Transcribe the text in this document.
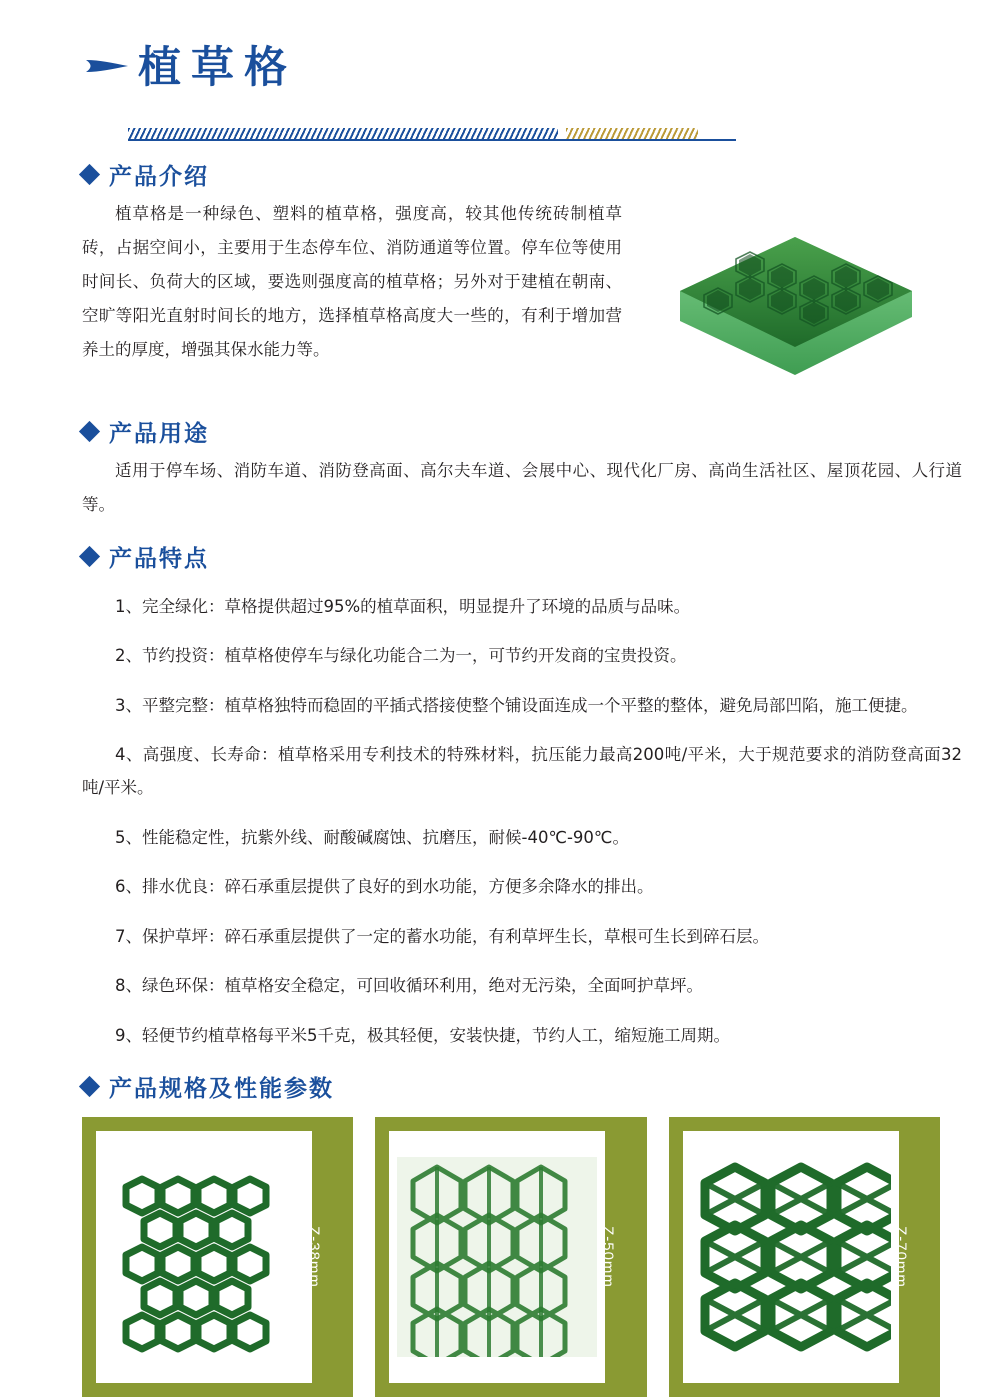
植草格
产品介绍

植草格是一种绿色、塑料的植草格，强度高，较其他传统砖制植草砖，占据空间小，主要用于生态停车位、消防通道等位置。停车位等使用时间长、负荷大的区域，要选则强度高的植草格；另外对于建植在朝南、空旷等阳光直射时间长的地方，选择植草格高度大一些的，有利于增加营养土的厚度，增强其保水能力等。

产品用途

适用于停车场、消防车道、消防登高面、高尔夫车道、会展中心、现代化厂房、高尚生活社区、屋顶花园、人行道等。

产品特点

1、完全绿化：草格提供超过95%的植草面积，明显提升了环境的品质与品味。

2、节约投资：植草格使停车与绿化功能合二为一，可节约开发商的宝贵投资。

3、平整完整：植草格独特而稳固的平插式搭接使整个铺设面连成一个平整的整体，避免局部凹陷，施工便捷。

4、高强度、长寿命：植草格采用专利技术的特殊材料，抗压能力最高200吨/平米，大于规范要求的消防登高面32吨/平米。

5、性能稳定性，抗紫外线、耐酸碱腐蚀、抗磨压，耐候-40℃-90℃。

6、排水优良：碎石承重层提供了良好的到水功能，方便多余降水的排出。

7、保护草坪：碎石承重层提供了一定的蓄水功能，有利草坪生长，草根可生长到碎石层。

8、绿色环保：植草格安全稳定，可回收循环利用，绝对无污染，全面呵护草坪。

9、轻便节约植草格每平米5千克，极其轻便，安装快捷，节约人工，缩短施工周期。

产品规格及性能参数
Z-38mm	Z-50mm	Z-70mm
